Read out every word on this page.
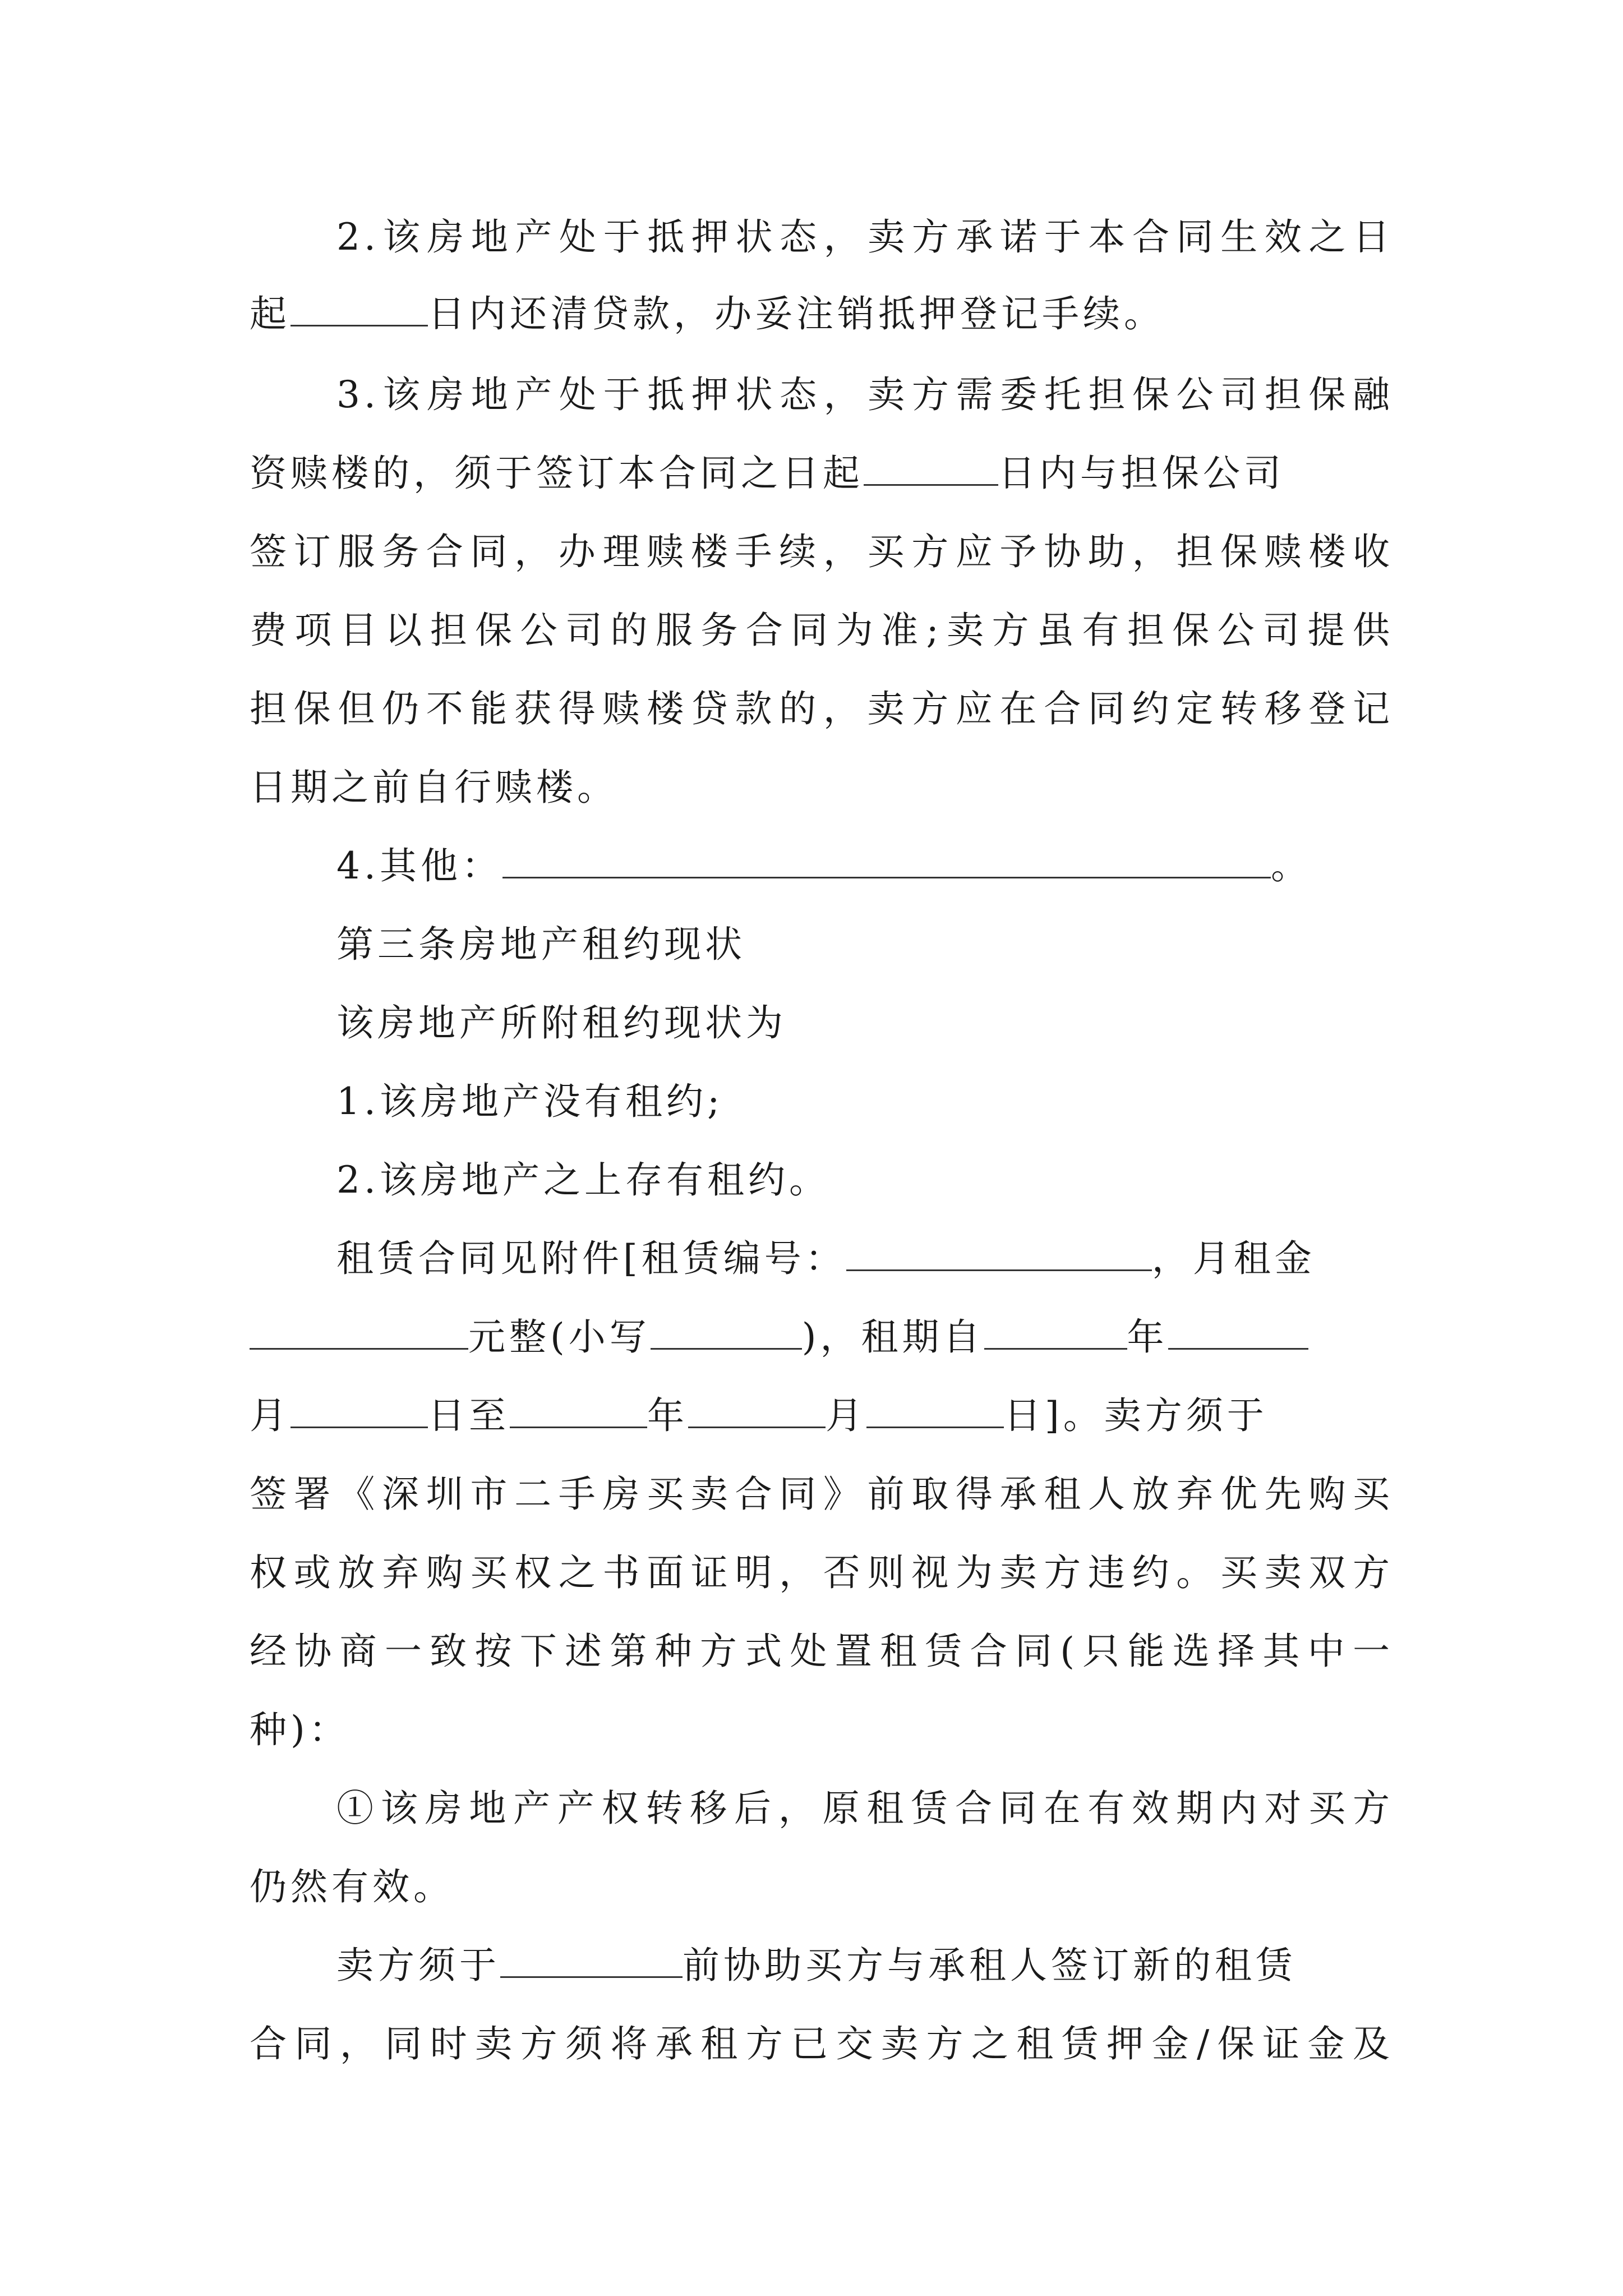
2.该房地产处于抵押状态，卖方承诺于本合同生效之日
起	日内还清贷款，办妥注销抵押登记手续。
3.该房地产处于抵押状态，卖方需委托担保公司担保融
资赎楼的，须于签订本合同之日起	日内与担保公司
签订服务合同，办理赎楼手续，买方应予协助，担保赎楼收
费项目以担保公司的服务合同为准;卖方虽有担保公司提供
担保但仍不能获得赎楼贷款的，卖方应在合同约定转移登记
日期之前自行赎楼。
4.其他：	。
第三条房地产租约现状
该房地产所附租约现状为
1.该房地产没有租约;
2.该房地产之上存有租约。
租赁合同见附件[租赁编号：	，月租金
元整(小写	)，租期自	年
月	日至	年	月	日]。卖方须于
签署《深圳市二手房买卖合同》前取得承租人放弃优先购买
权或放弃购买权之书面证明，否则视为卖方违约。买卖双方
经协商一致按下述第种方式处置租赁合同(只能选择其中一
种)：
①该房地产产权转移后，原租赁合同在有效期内对买方
仍然有效。
卖方须于	前协助买方与承租人签订新的租赁
合同，同时卖方须将承租方已交卖方之租赁押金/保证金及
